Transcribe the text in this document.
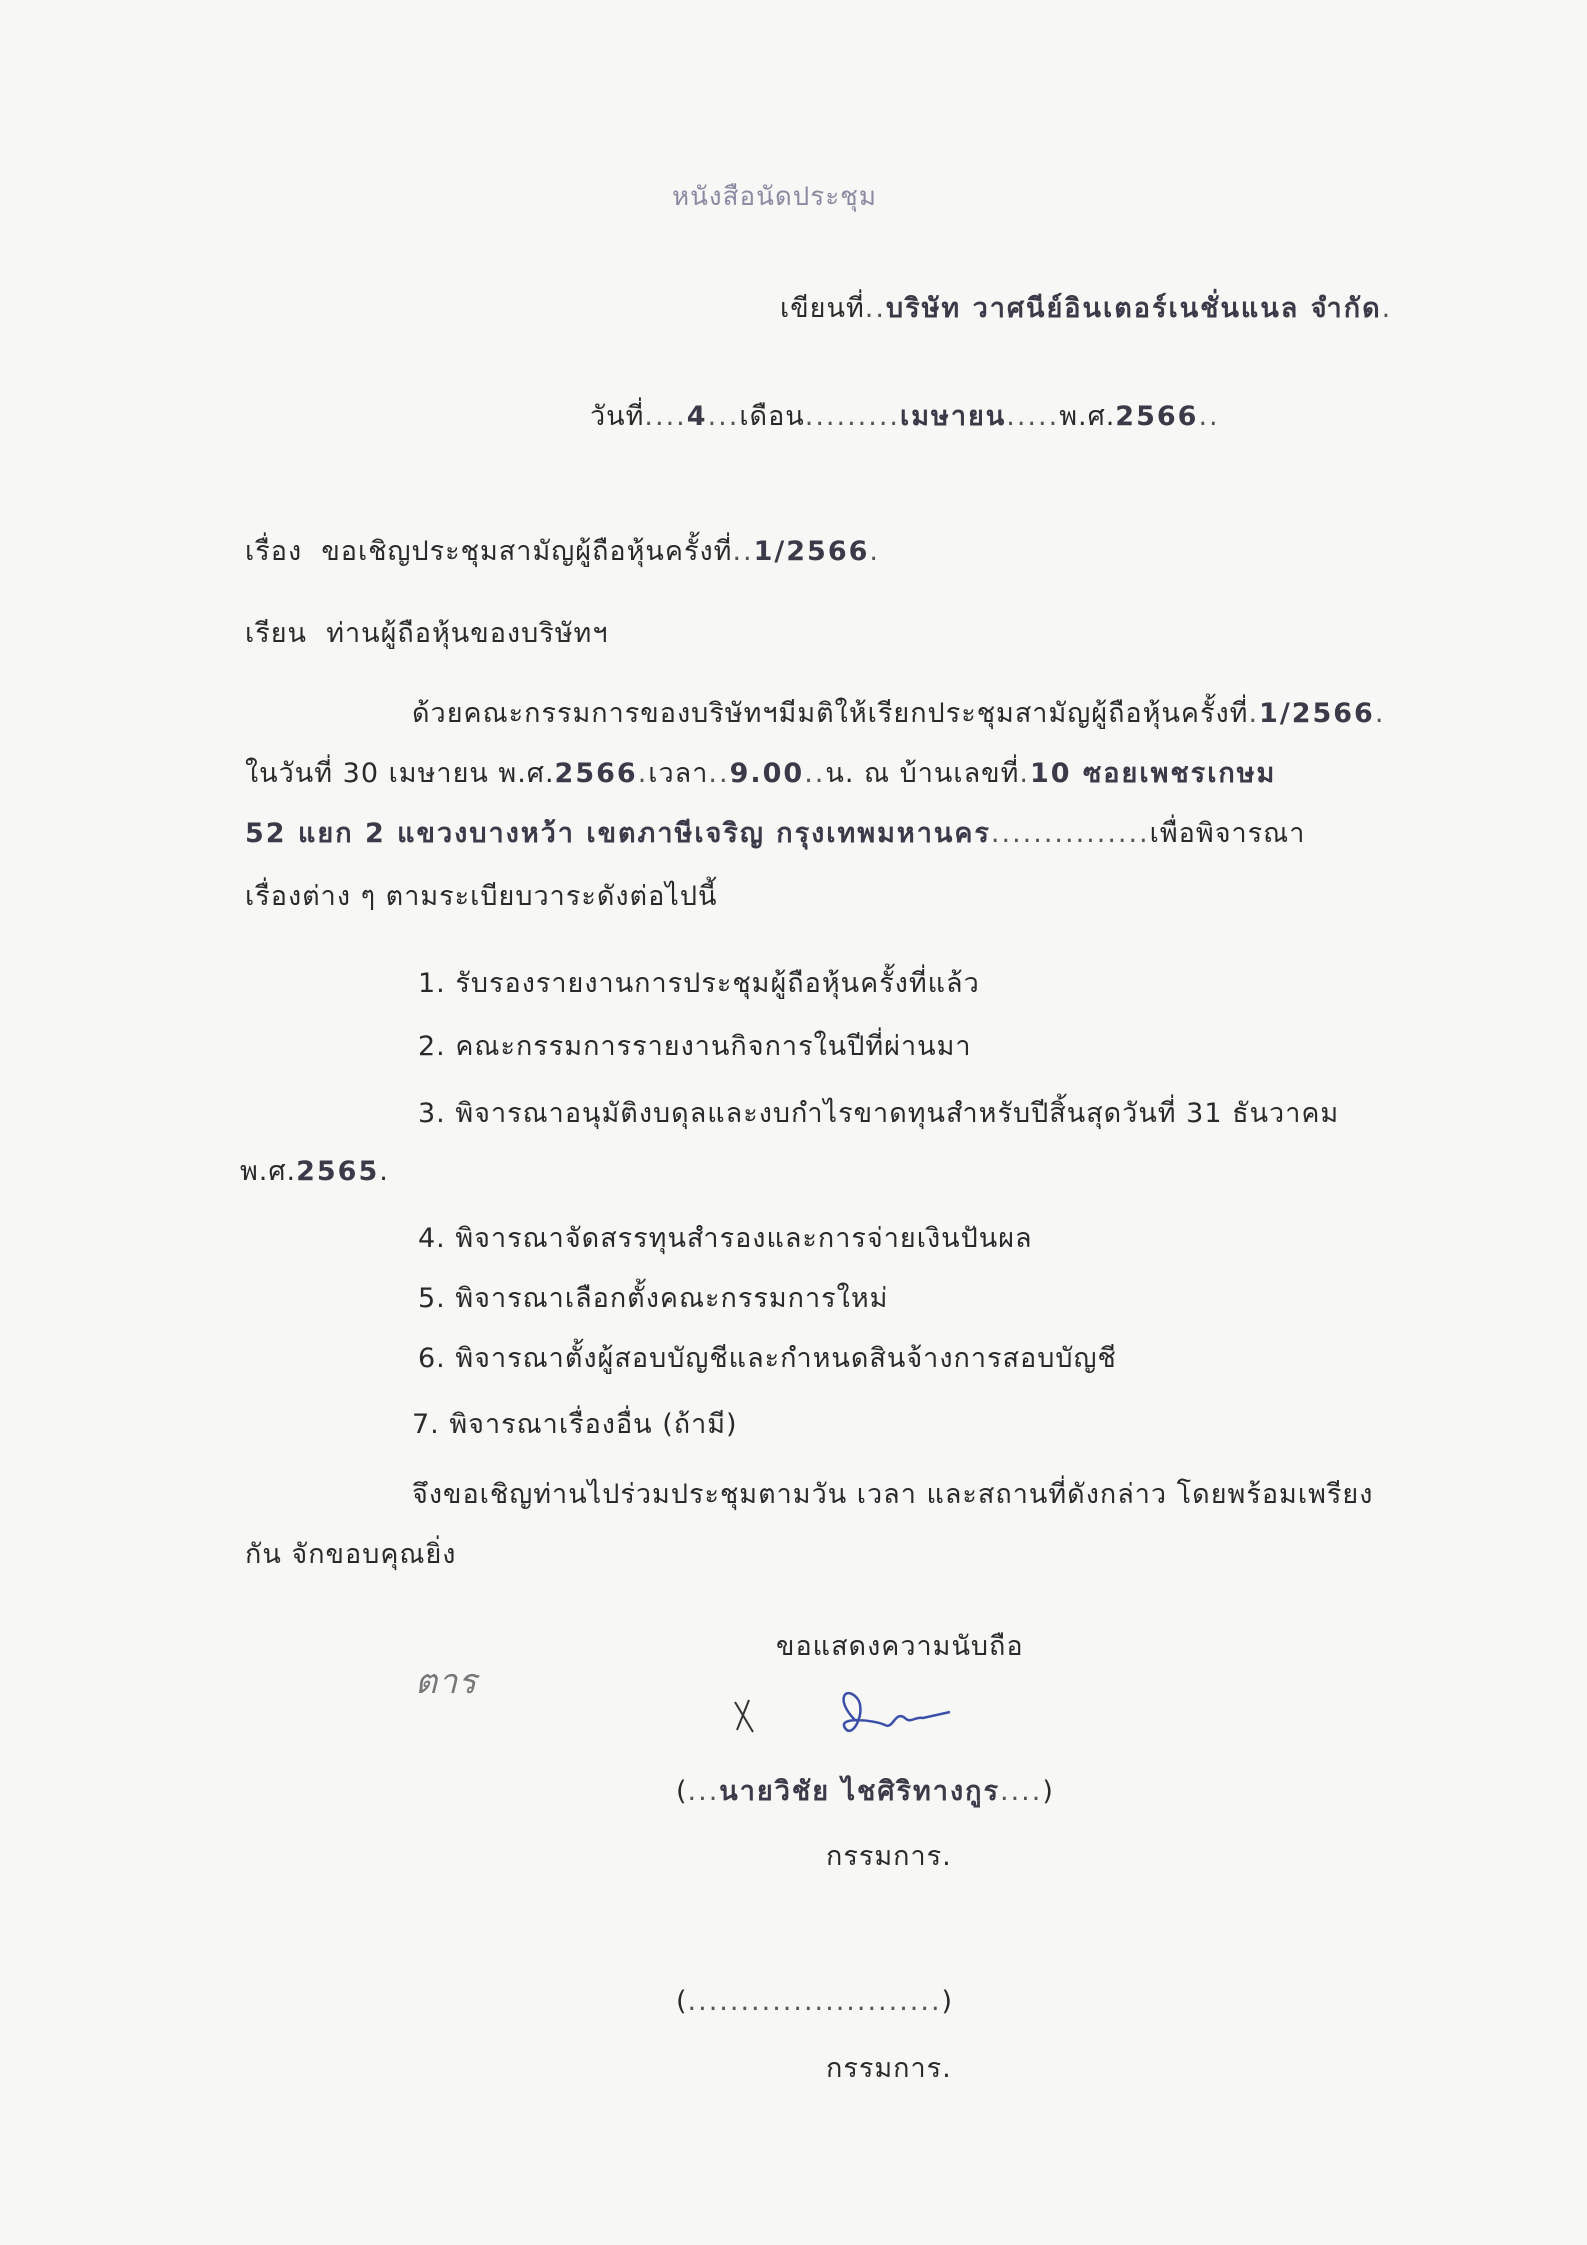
หนังสือนัดประชุม
เขียนที่..บริษัท วาศนีย์อินเตอร์เนชั่นแนล จำกัด.
วันที่....4...เดือน.........เมษายน.....พ.ศ.2566..
เรื่อง ขอเชิญประชุมสามัญผู้ถือหุ้นครั้งที่..1/2566.
เรียน ท่านผู้ถือหุ้นของบริษัทฯ
ด้วยคณะกรรมการของบริษัทฯมีมติให้เรียกประชุมสามัญผู้ถือหุ้นครั้งที่.1/2566.
ในวันที่ 30 เมษายน พ.ศ.2566.เวลา..9.00..น. ณ บ้านเลขที่.10 ซอยเพชรเกษม
52 แยก 2 แขวงบางหว้า เขตภาษีเจริญ กรุงเทพมหานคร...............เพื่อพิจารณา
เรื่องต่าง ๆ ตามระเบียบวาระดังต่อไปนี้
1. รับรองรายงานการประชุมผู้ถือหุ้นครั้งที่แล้ว
2. คณะกรรมการรายงานกิจการในปีที่ผ่านมา
3. พิจารณาอนุมัติงบดุลและงบกำไรขาดทุนสำหรับปีสิ้นสุดวันที่ 31 ธันวาคม
พ.ศ.2565.
4. พิจารณาจัดสรรทุนสำรองและการจ่ายเงินปันผล
5. พิจารณาเลือกตั้งคณะกรรมการใหม่
6. พิจารณาตั้งผู้สอบบัญชีและกำหนดสินจ้างการสอบบัญชี
7. พิจารณาเรื่องอื่น (ถ้ามี)
จึงขอเชิญท่านไปร่วมประชุมตามวัน เวลา และสถานที่ดังกล่าว โดยพร้อมเพรียง
กัน จักขอบคุณยิ่ง
ขอแสดงความนับถือ
ตาร
(...นายวิชัย ไชศิริทางกูร....)
กรรมการ.
(........................)
กรรมการ.
